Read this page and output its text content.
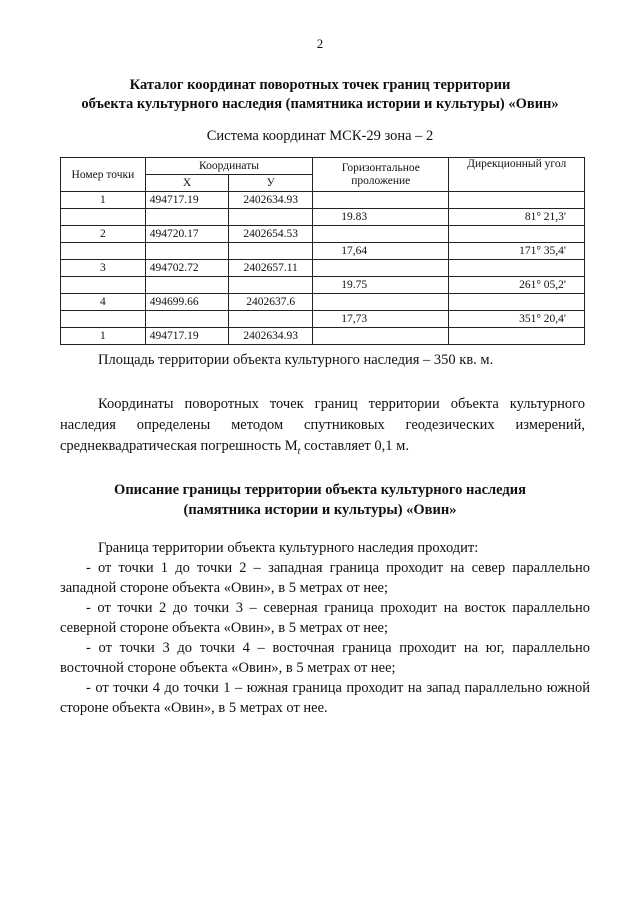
2
Каталог координат поворотных точек границ территории
объекта культурного наследия (памятника истории и культуры) «Овин»
Система координат МСК-29 зона – 2
Номер точки	Координаты		Горизонтальное проложение	Дирекционный угол
	X	У		
1	494717.19	2402634.93		
			19.83	81° 21,3'
2	494720.17	2402654.53		
			17,64	171° 35,4'
3	494702.72	2402657.11		
			19.75	261° 05,2'
4	494699.66	2402637.6		
			17,73	351° 20,4'
1	494717.19	2402634.93		
Площадь территории объекта культурного наследия – 350 кв. м.
Координаты поворотных точек границ территории объекта культурного наследия определены методом спутниковых геодезических измерений, среднеквадратическая погрешность $M_t$ составляет 0,1 м.
Описание границы территории объекта культурного наследия
(памятника истории и культуры) «Овин»
Граница территории объекта культурного наследия проходит:
- от точки 1 до точки 2 – западная граница проходит на север параллельно западной стороне объекта «Овин», в 5 метрах от нее;
- от точки 2 до точки 3 – северная граница проходит на восток параллельно северной стороне объекта «Овин», в 5 метрах от нее;
- от точки 3 до точки 4 – восточная граница проходит на юг, параллельно восточной стороне объекта «Овин», в 5 метрах от нее;
- от точки 4 до точки 1 – южная граница проходит на запад параллельно южной стороне объекта «Овин», в 5 метрах от нее.
